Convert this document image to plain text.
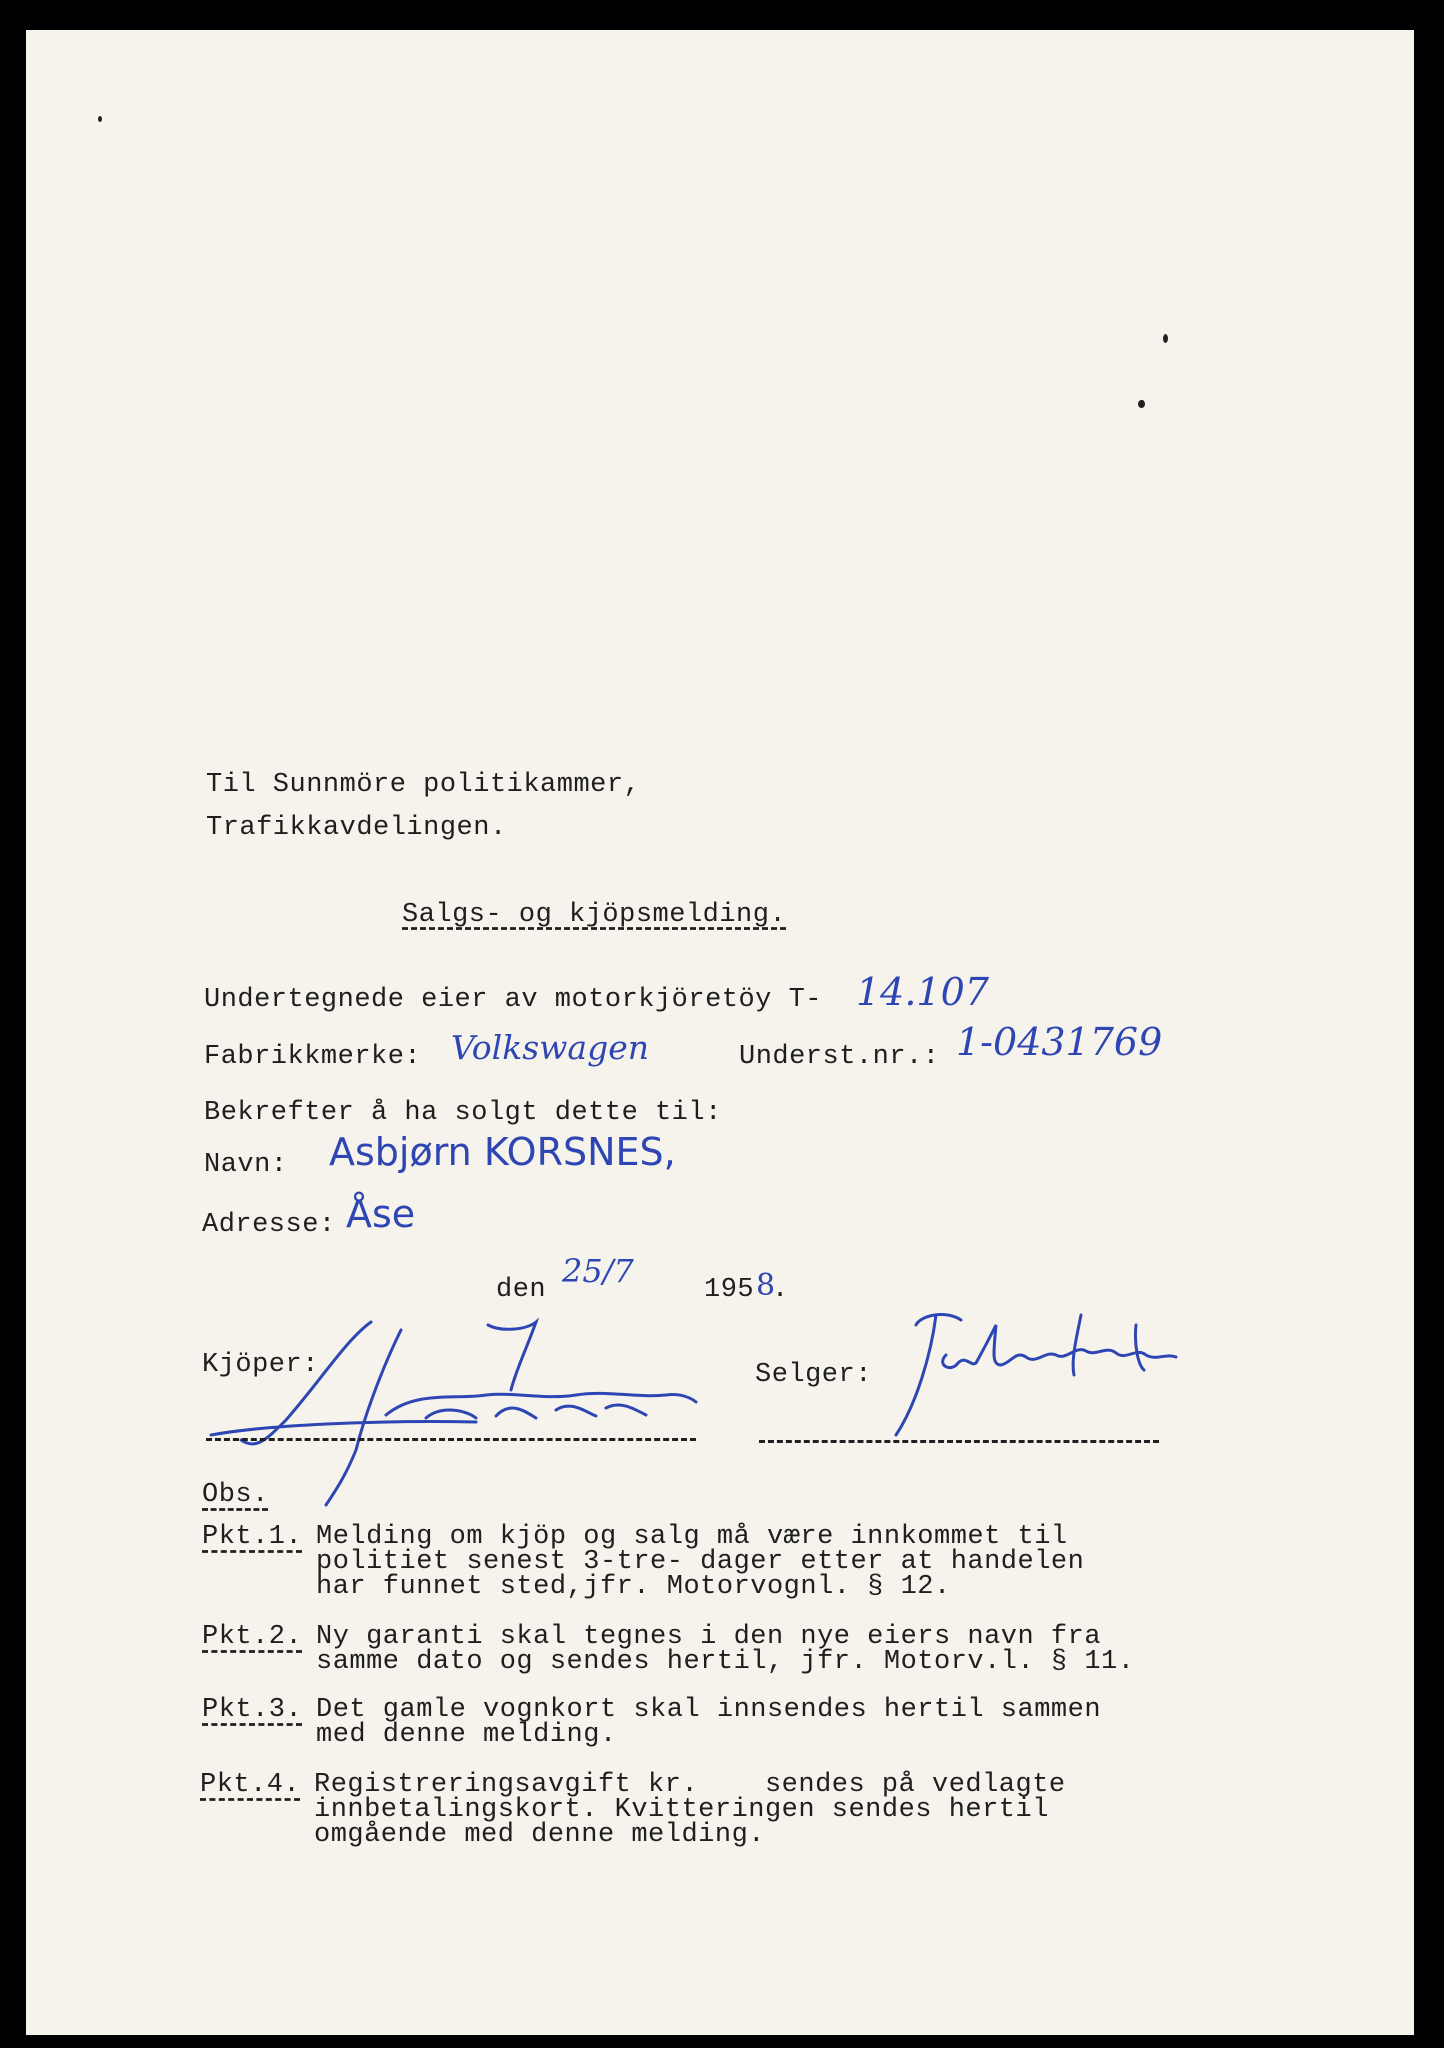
Til Sunnmöre politikammer,
Trafikkavdelingen.
Salgs- og kjöpsmelding.
Undertegnede eier av motorkjöretöy T- 14.107
Fabrikkmerke: Volkswagen	Underst.nr.: 1-0431769
Bekrefter å ha solgt dette til:
Navn: Asbjørn KORSNES,
Adresse: Åse
den 25/7	195 8
.
Kjöper:	Selger:
Obs.
Pkt.1. Melding om kjöp og salg må være innkommet til
politiet senest 3-tre- dager etter at handelen
har funnet sted,jfr. Motorvognl. § 12.
Pkt.2. Ny garanti skal tegnes i den nye eiers navn fra
samme dato og sendes hertil, jfr. Motorv.l. § 11.
Pkt.3. Det gamle vognkort skal innsendes hertil sammen
med denne melding.
Pkt.4. Registreringsavgift kr.    sendes på vedlagte
innbetalingskort. Kvitteringen sendes hertil
omgående med denne melding.
